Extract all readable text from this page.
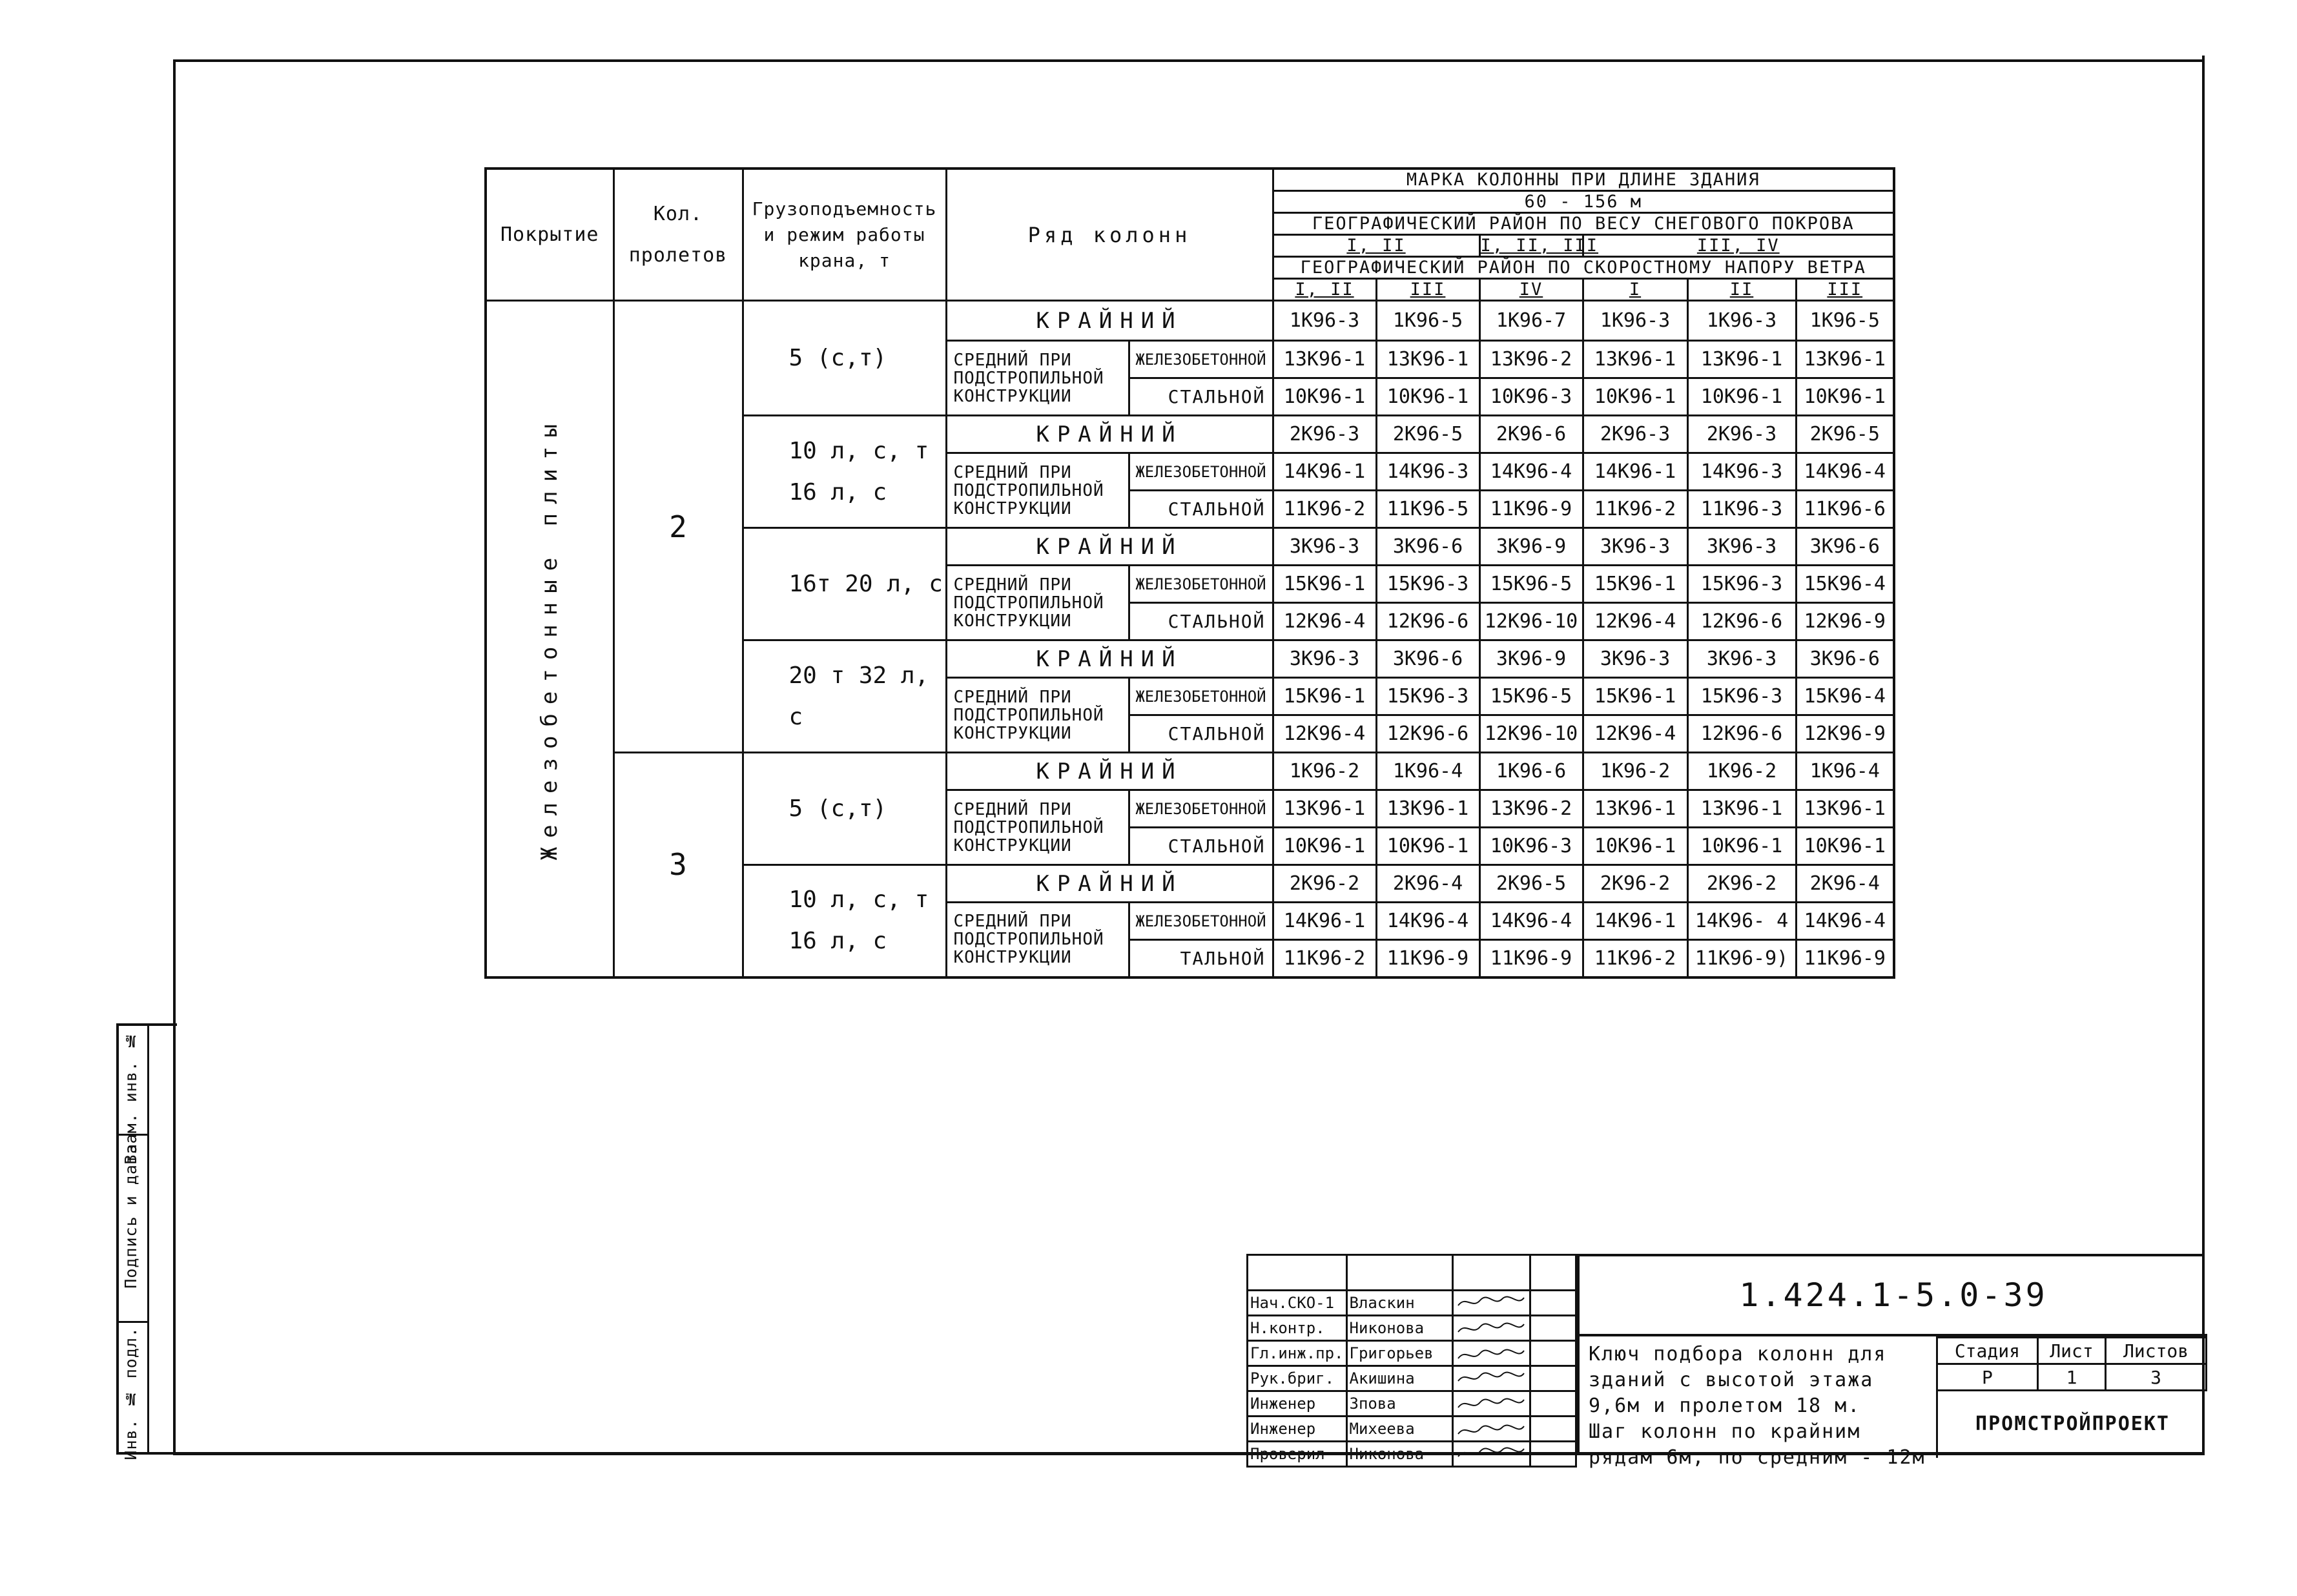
Покрытие	Кол. пролетов	Грузоподъемность и режим работы крана, т	Ряд колонн		МАРКА КОЛОННЫ ПРИ ДЛИНЕ ЗДАНИЯ					
					60 - 156 м					
					ГЕОГРАФИЧЕСКИЙ РАЙОН ПО ВЕСУ СНЕГОВОГО ПОКРОВА					
					I, II		I, II, III	III, IV		
					ГЕОГРАФИЧЕСКИЙ РАЙОН ПО СКОРОСТНОМУ НАПОРУ ВЕТРА					
					I, II	III	IV	I	II	III
Железобетонные плиты	2	5 (с,т)	КРАЙНИЙ		1К96-3	1К96-5	1К96-7	1К96-3	1К96-3	1К96-5
			СРЕДНИЙ ПРИ ПОДСТРОПИЛЬНОЙ КОНСТРУКЦИИ	ЖЕЛЕЗОБЕТОННОЙ	13К96-1	13К96-1	13К96-2	13К96-1	13К96-1	13К96-1
				СТАЛЬНОЙ	10К96-1	10К96-1	10К96-3	10К96-1	10К96-1	10К96-1
		10 л, с, т 16 л, с	КРАЙНИЙ		2К96-3	2К96-5	2К96-6	2К96-3	2К96-3	2К96-5
			СРЕДНИЙ ПРИ ПОДСТРОПИЛЬНОЙ КОНСТРУКЦИИ	ЖЕЛЕЗОБЕТОННОЙ	14К96-1	14К96-3	14К96-4	14К96-1	14К96-3	14К96-4
				СТАЛЬНОЙ	11К96-2	11К96-5	11К96-9	11К96-2	11К96-3	11К96-6
		16т 20 л, с	КРАЙНИЙ		3К96-3	3К96-6	3К96-9	3К96-3	3К96-3	3К96-6
			СРЕДНИЙ ПРИ ПОДСТРОПИЛЬНОЙ КОНСТРУКЦИИ	ЖЕЛЕЗОБЕТОННОЙ	15К96-1	15К96-3	15К96-5	15К96-1	15К96-3	15К96-4
				СТАЛЬНОЙ	12К96-4	12К96-6	12К96-10	12К96-4	12К96-6	12К96-9
		20 т 32 л, с	КРАЙНИЙ		3К96-3	3К96-6	3К96-9	3К96-3	3К96-3	3К96-6
			СРЕДНИЙ ПРИ ПОДСТРОПИЛЬНОЙ КОНСТРУКЦИИ	ЖЕЛЕЗОБЕТОННОЙ	15К96-1	15К96-3	15К96-5	15К96-1	15К96-3	15К96-4
				СТАЛЬНОЙ	12К96-4	12К96-6	12К96-10	12К96-4	12К96-6	12К96-9
	3	5 (с,т)	КРАЙНИЙ		1К96-2	1К96-4	1К96-6	1К96-2	1К96-2	1К96-4
			СРЕДНИЙ ПРИ ПОДСТРОПИЛЬНОЙ КОНСТРУКЦИИ	ЖЕЛЕЗОБЕТОННОЙ	13К96-1	13К96-1	13К96-2	13К96-1	13К96-1	13К96-1
				СТАЛЬНОЙ	10К96-1	10К96-1	10К96-3	10К96-1	10К96-1	10К96-1
		10 л, с, т 16 л, с	КРАЙНИЙ		2К96-2	2К96-4	2К96-5	2К96-2	2К96-2	2К96-4
			СРЕДНИЙ ПРИ ПОДСТРОПИЛЬНОЙ КОНСТРУКЦИИ	ЖЕЛЕЗОБЕТОННОЙ	14К96-1	14К96-4	14К96-4	14К96-1	14К96- 4	14К96-4
				ТАЛЬНОЙ	11К96-2	11К96-9	11К96-9	11К96-2	11К96-9)	11К96-9
Взам. инв. №
Подпись и дата
Инв. № подл.

Нач.СКО-1	Власкин		
Н.контр.	Никонова		
Гл.инж.пр.	Григорьев		
Рук.бриг.	Акишина		
Инженер	Зпова		
Инженер	Михеева		
Проверил	Никонова		
1.424.1-5.0-39
Ключ подбора колонн для
зданий с высотой этажа
9,6м и пролетом 18 м.
Шаг колонн по крайним
рядам 6м, по средним - 12м
Стадия	Лист	Листов
Р	1	3
ПРОМСТРОЙПРОЕКТ
